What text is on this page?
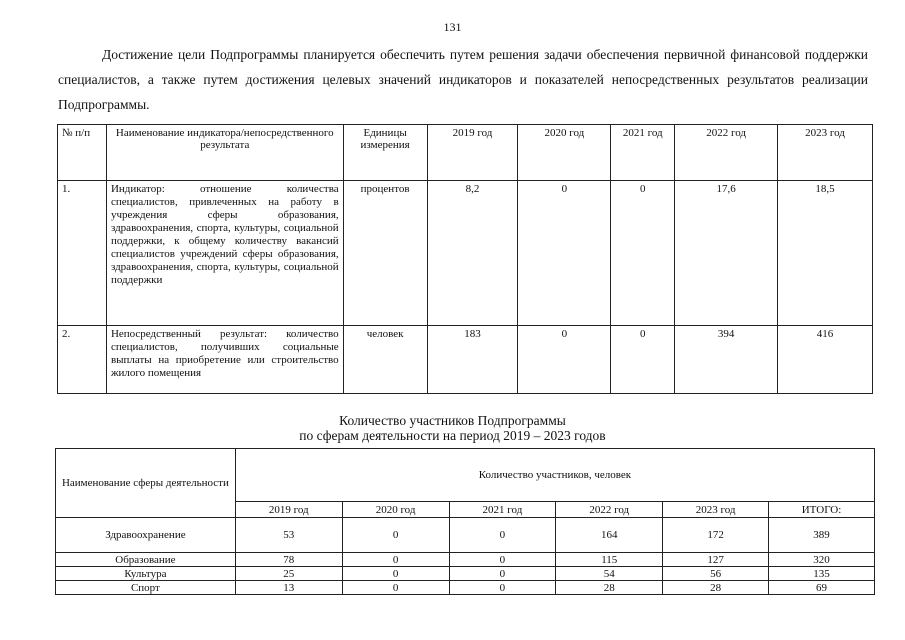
131

Достижение цели Подпрограммы планируется обеспечить путем решения задачи обеспечения первичной финансовой поддержки специалистов, а также путем достижения целевых значений индикаторов и показателей непосредственных результатов реализации Подпрограммы.

№ п/п	Наименование индикатора/непосредственного результата	Единицы измерения	2019 год	2020 год	2021 год	2022 год	2023 год
1.	Индикатор: отношение количества специалистов, привлеченных на работу в учреждения сферы образования, здравоохранения, спорта, культуры, социальной поддержки, к общему количеству вакансий специалистов учреждений сферы образования, здравоохранения, спорта, культуры, социальной поддержки	процентов	8,2	0	0	17,6	18,5
2.	Непосредственный результат: количество специалистов, получивших социальные выплаты на приобретение или строительство жилого помещения	человек	183	0	0	394	416
Количество участников Подпрограммы
по сферам деятельности на период 2019 – 2023 годов
Наименование сферы деятельности	Количество участников, человек					
	2019 год	2020 год	2021 год	2022 год	2023 год	ИТОГО:
Здравоохранение	53	0	0	164	172	389
Образование	78	0	0	115	127	320
Культура	25	0	0	54	56	135
Спорт	13	0	0	28	28	69
